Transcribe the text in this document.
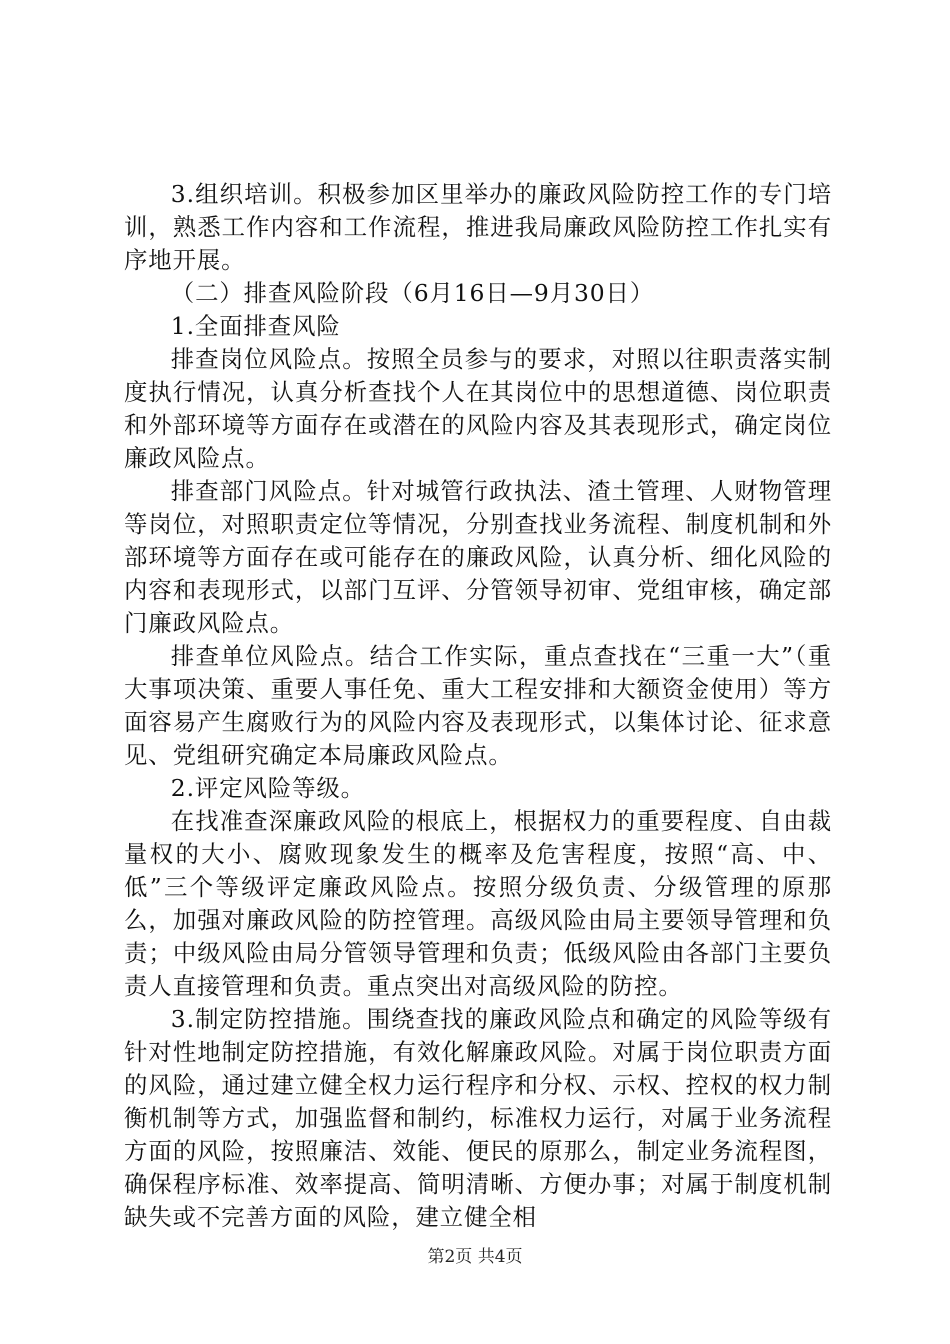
3.组织培训。积极参加区里举办的廉政风险防控工作的专门培训，熟悉工作内容和工作流程，推进我局廉政风险防控工作扎实有序地开展。

（二）排查风险阶段（6月16日—9月30日）

1.全面排查风险

排查岗位风险点。按照全员参与的要求，对照以往职责落实制度执行情况，认真分析查找个人在其岗位中的思想道德、岗位职责和外部环境等方面存在或潜在的风险内容及其表现形式，确定岗位廉政风险点。

排查部门风险点。针对城管行政执法、渣土管理、人财物管理等岗位，对照职责定位等情况，分别查找业务流程、制度机制和外部环境等方面存在或可能存在的廉政风险，认真分析、细化风险的内容和表现形式，以部门互评、分管领导初审、党组审核，确定部门廉政风险点。

排查单位风险点。结合工作实际，重点查找在“三重一大”（重大事项决策、重要人事任免、重大工程安排和大额资金使用）等方面容易产生腐败行为的风险内容及表现形式，以集体讨论、征求意见、党组研究确定本局廉政风险点。

2.评定风险等级。

在找准查深廉政风险的根底上，根据权力的重要程度、自由裁量权的大小、腐败现象发生的概率及危害程度，按照“高、中、低”三个等级评定廉政风险点。按照分级负责、分级管理的原那么，加强对廉政风险的防控管理。高级风险由局主要领导管理和负责；中级风险由局分管领导管理和负责；低级风险由各部门主要负责人直接管理和负责。重点突出对高级风险的防控。

3.制定防控措施。围绕查找的廉政风险点和确定的风险等级有针对性地制定防控措施，有效化解廉政风险。对属于岗位职责方面的风险，通过建立健全权力运行程序和分权、示权、控权的权力制衡机制等方式，加强监督和制约，标准权力运行，对属于业务流程方面的风险，按照廉洁、效能、便民的原那么，制定业务流程图，确保程序标准、效率提高、简明清晰、方便办事；对属于制度机制缺失或不完善方面的风险，建立健全相

第2页 共4页
